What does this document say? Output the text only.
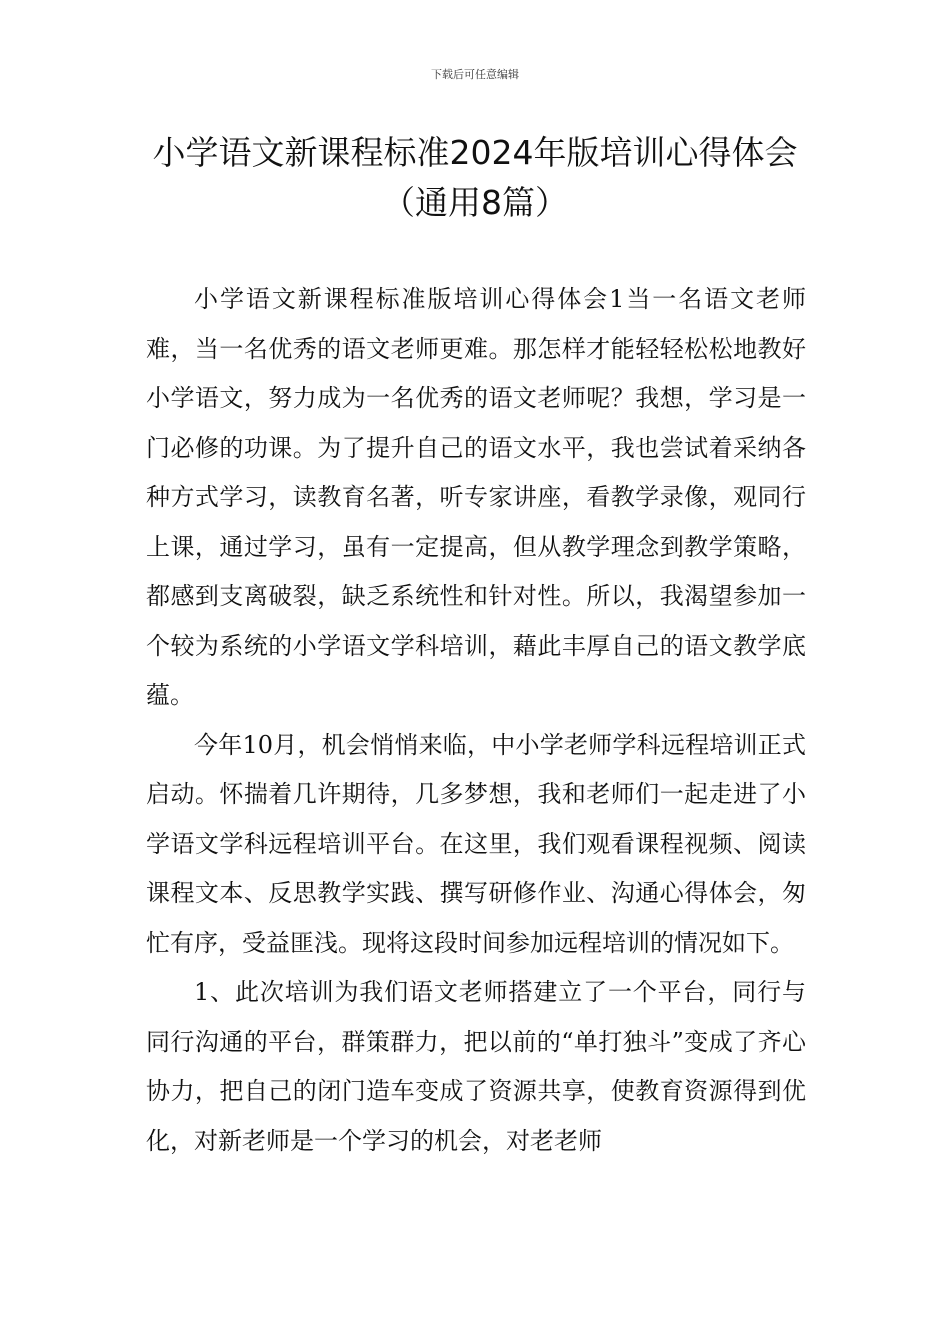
下载后可任意编辑
小学语文新课程标准2024年版培训心得体会（通用8篇）

小学语文新课程标准版培训心得体会1当一名语文老师难，当一名优秀的语文老师更难。那怎样才能轻轻松松地教好小学语文，努力成为一名优秀的语文老师呢？我想，学习是一门必修的功课。为了提升自己的语文水平，我也尝试着采纳各种方式学习，读教育名著，听专家讲座，看教学录像，观同行上课，通过学习，虽有一定提高，但从教学理念到教学策略，都感到支离破裂，缺乏系统性和针对性。所以，我渴望参加一个较为系统的小学语文学科培训，藉此丰厚自己的语文教学底蕴。

今年10月，机会悄悄来临，中小学老师学科远程培训正式启动。怀揣着几许期待，几多梦想，我和老师们一起走进了小学语文学科远程培训平台。在这里，我们观看课程视频、阅读课程文本、反思教学实践、撰写研修作业、沟通心得体会，匆忙有序，受益匪浅。现将这段时间参加远程培训的情况如下。

1、此次培训为我们语文老师搭建立了一个平台，同行与同行沟通的平台，群策群力，把以前的“单打独斗”变成了齐心协力，把自己的闭门造车变成了资源共享，使教育资源得到优化，对新老师是一个学习的机会，对老老师
